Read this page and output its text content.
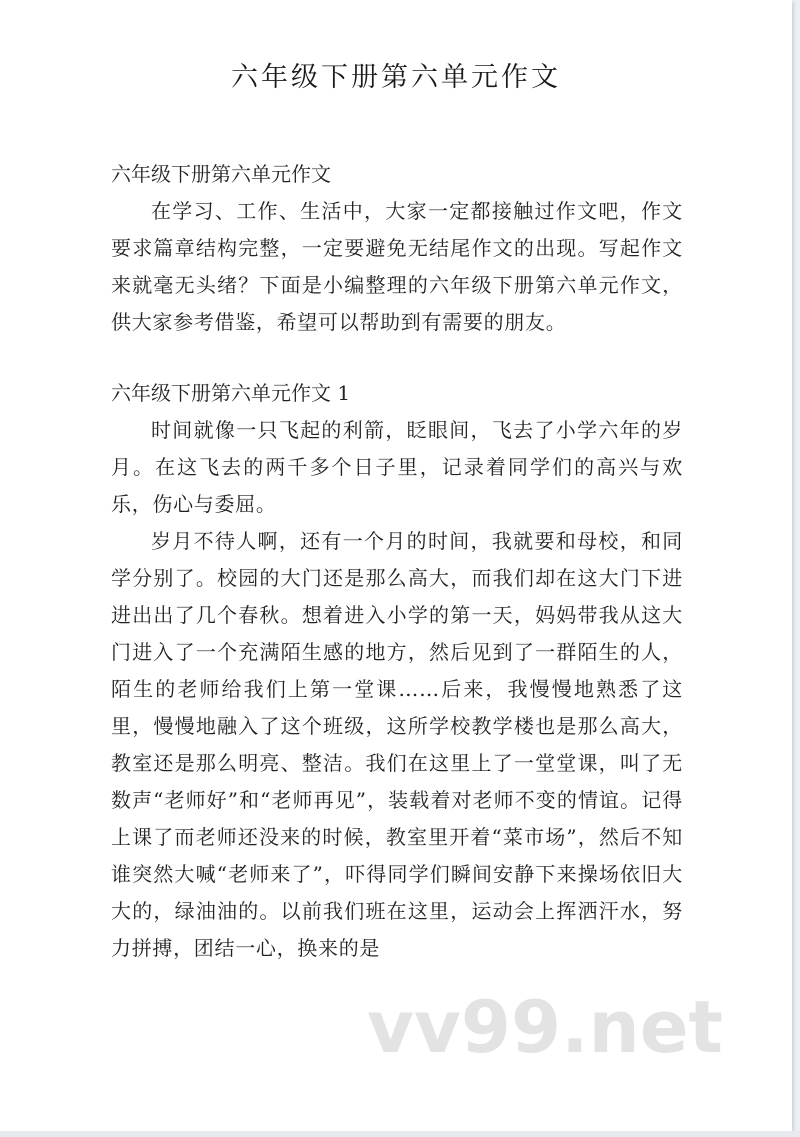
六年级下册第六单元作文

六年级下册第六单元作文

在学习、工作、生活中，大家一定都接触过作文吧，作文要求篇章结构完整，一定要避免无结尾作文的出现。写起作文来就毫无头绪？下面是小编整理的六年级下册第六单元作文，供大家参考借鉴，希望可以帮助到有需要的朋友。

六年级下册第六单元作文 1

时间就像一只飞起的利箭，眨眼间，飞去了小学六年的岁月。在这飞去的两千多个日子里，记录着同学们的高兴与欢乐，伤心与委屈。

岁月不待人啊，还有一个月的时间，我就要和母校，和同学分别了。校园的大门还是那么高大，而我们却在这大门下进进出出了几个春秋。想着进入小学的第一天，妈妈带我从这大门进入了一个充满陌生感的地方，然后见到了一群陌生的人，陌生的老师给我们上第一堂课……后来，我慢慢地熟悉了这里，慢慢地融入了这个班级，这所学校教学楼也是那么高大，教室还是那么明亮、整洁。我们在这里上了一堂堂课，叫了无数声“老师好”和“老师再见”，装载着对老师不变的情谊。记得上课了而老师还没来的时候，教室里开着“菜市场”，然后不知谁突然大喊“老师来了”，吓得同学们瞬间安静下来操场依旧大大的，绿油油的。以前我们班在这里，运动会上挥洒汗水，努力拼搏，团结一心，换来的是

vv99.net
